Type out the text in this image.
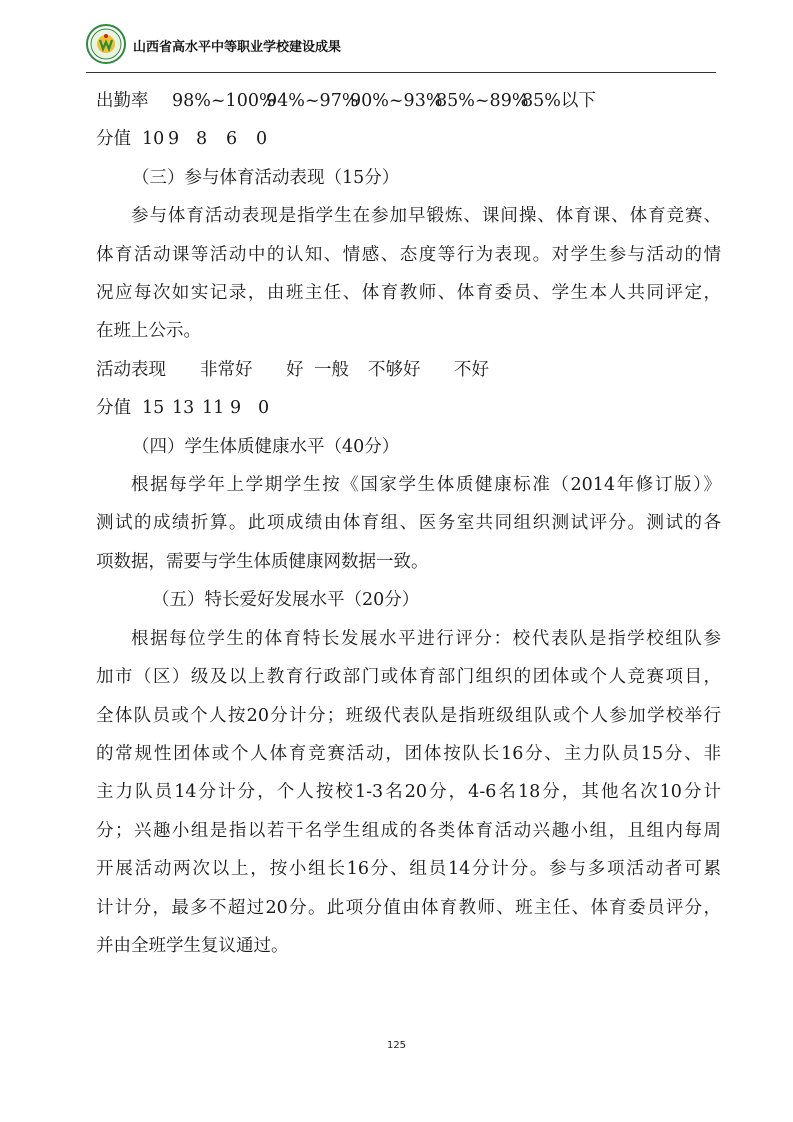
山西省高水平中等职业学校建设成果
出勤率 98%~100%94%~97%90%~93%85%~89%85%以下
分值 10 9 8 6 0
（三）参与体育活动表现（15分）
参与体育活动表现是指学生在参加早锻炼、课间操、体育课、体育竞赛、
体育活动课等活动中的认知、情感、态度等行为表现。对学生参与活动的情
况应每次如实记录，由班主任、体育教师、体育委员、学生本人共同评定，
在班上公示。
活动表现 非常好 好 一般 不够好 不好
分值 15 13 11 9 0
（四）学生体质健康水平（40分）
根据每学年上学期学生按《国家学生体质健康标准（2014年修订版）》
测试的成绩折算。此项成绩由体育组、医务室共同组织测试评分。测试的各
项数据，需要与学生体质健康网数据一致。
（五）特长爱好发展水平（20分）
根据每位学生的体育特长发展水平进行评分：校代表队是指学校组队参
加市（区）级及以上教育行政部门或体育部门组织的团体或个人竞赛项目，
全体队员或个人按20分计分；班级代表队是指班级组队或个人参加学校举行
的常规性团体或个人体育竞赛活动，团体按队长16分、主力队员15分、非
主力队员14分计分，个人按校1-3名20分，4-6名18分，其他名次10分计
分；兴趣小组是指以若干名学生组成的各类体育活动兴趣小组，且组内每周
开展活动两次以上，按小组长16分、组员14分计分。参与多项活动者可累
计计分，最多不超过20分。此项分值由体育教师、班主任、体育委员评分，
并由全班学生复议通过。
125
